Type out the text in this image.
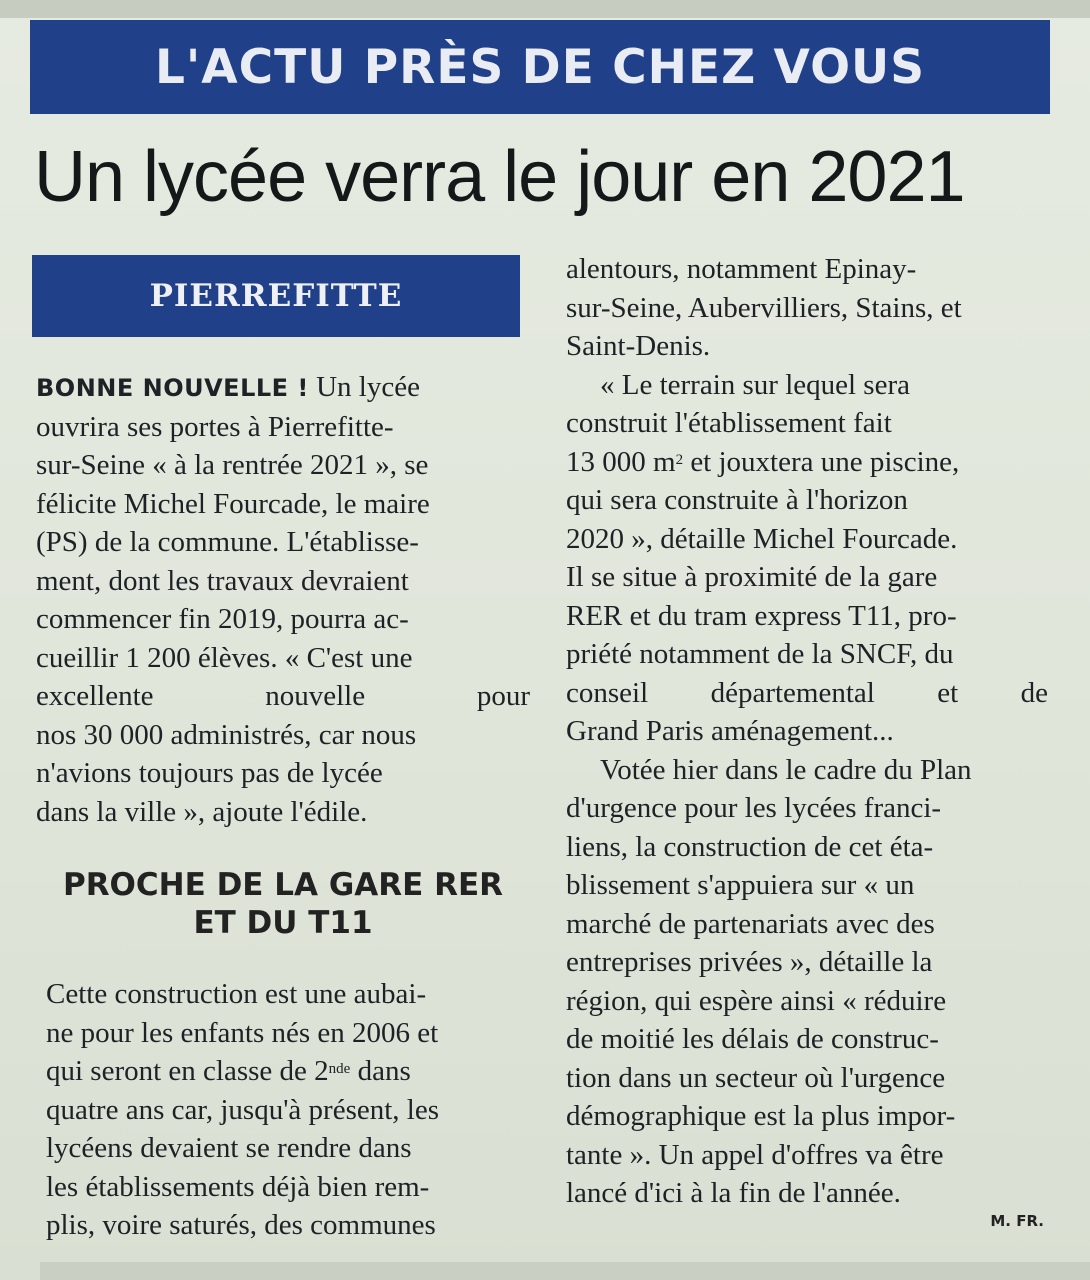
L'ACTU PRÈS DE CHEZ VOUS
Un lycée verra le jour en 2021
PIERREFITTE
BONNE NOUVELLE ! Un lycée
ouvrira ses portes à Pierrefitte-
sur-Seine « à la rentrée 2021 », se
félicite Michel Fourcade, le maire
(PS) de la commune. L'établisse-
ment, dont les travaux devraient
commencer fin 2019, pourra ac-
cueillir 1 200 élèves. « C'est une
excellente nouvelle pour
nos 30 000 administrés, car nous
n'avions toujours pas de lycée
dans la ville », ajoute l'édile.
PROCHE DE LA GARE RER
ET DU T11
Cette construction est une aubai-
ne pour les enfants nés en 2006 et
qui seront en classe de 2nde dans
quatre ans car, jusqu'à présent, les
lycéens devaient se rendre dans
les établissements déjà bien rem-
plis, voire saturés, des communes
alentours, notamment Epinay-
sur-Seine, Aubervilliers, Stains, et
Saint-Denis.
« Le terrain sur lequel sera
construit l'établissement fait
13 000 $m^2$ et jouxtera une piscine,
qui sera construite à l'horizon
2020 », détaille Michel Fourcade.
Il se situe à proximité de la gare
RER et du tram express T11, pro-
priété notamment de la SNCF, du
conseil départemental et de
Grand Paris aménagement...
Votée hier dans le cadre du Plan
d'urgence pour les lycées franci-
liens, la construction de cet éta-
blissement s'appuiera sur « un
marché de partenariats avec des
entreprises privées », détaille la
région, qui espère ainsi « réduire
de moitié les délais de construc-
tion dans un secteur où l'urgence
démographique est la plus impor-
tante ». Un appel d'offres va être
lancé d'ici à la fin de l'année.
M. FR.
